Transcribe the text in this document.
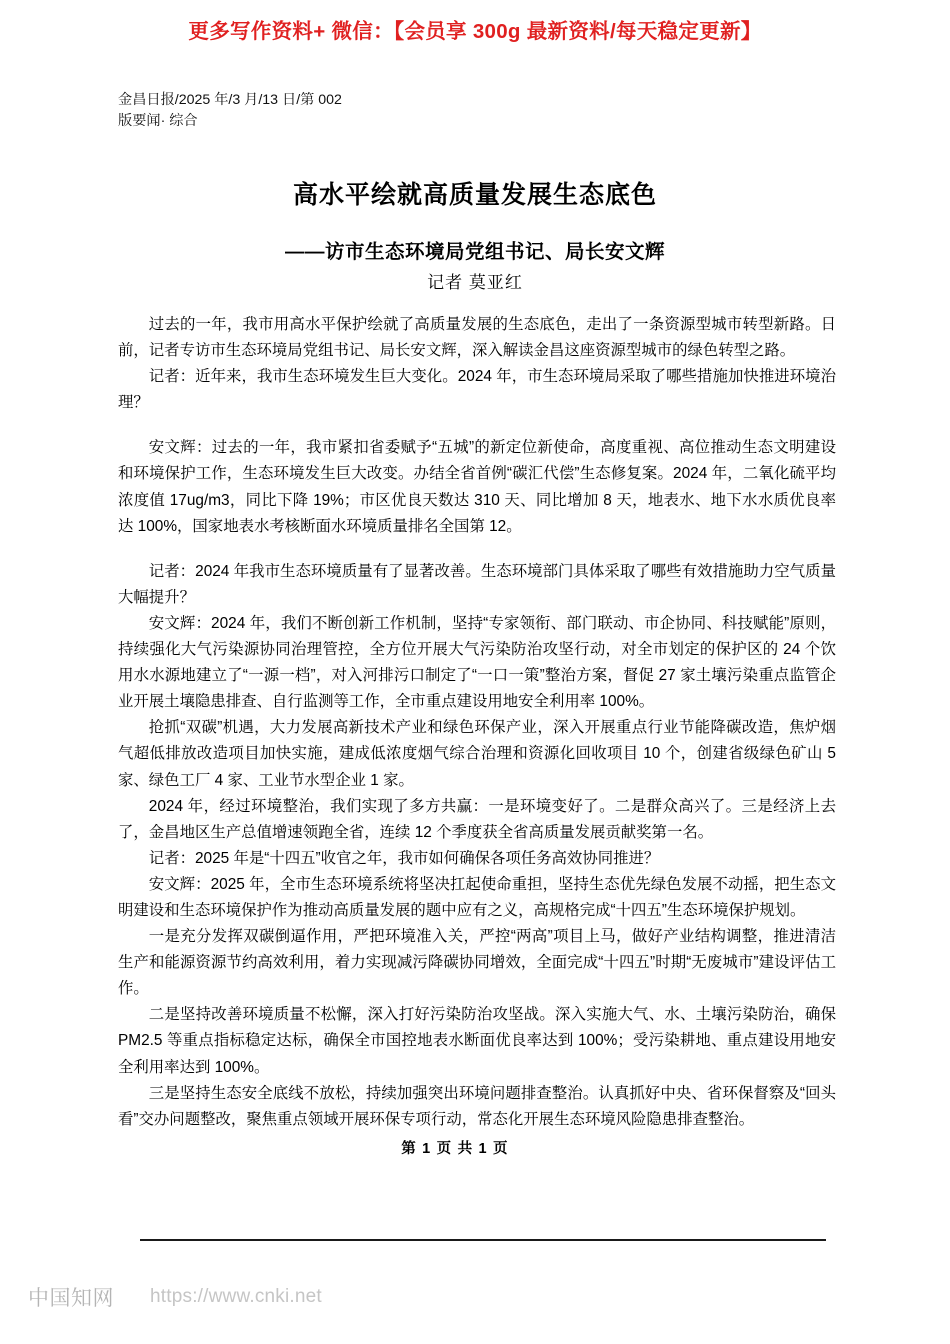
更多写作资料+ 微信：【会员享 300g 最新资料/每天稳定更新】
金昌日报/2025 年/3 月/13 日/第 002
版要闻· 综合
高水平绘就高质量发展生态底色
——访市生态环境局党组书记、局长安文辉
记者 莫亚红

过去的一年，我市用高水平保护绘就了高质量发展的生态底色，走出了一条资源型城市转型新路。日前，记者专访市生态环境局党组书记、局长安文辉，深入解读金昌这座资源型城市的绿色转型之路。

记者：近年来，我市生态环境发生巨大变化。2024 年，市生态环境局采取了哪些措施加快推进环境治理？

安文辉：过去的一年，我市紧扣省委赋予“五城”的新定位新使命，高度重视、高位推动生态文明建设和环境保护工作，生态环境发生巨大改变。办结全省首例“碳汇代偿”生态修复案。2024 年，二氧化硫平均浓度值 17ug/m3，同比下降 19%；市区优良天数达 310 天、同比增加 8 天，地表水、地下水水质优良率达 100%，国家地表水考核断面水环境质量排名全国第 12。

记者：2024 年我市生态环境质量有了显著改善。生态环境部门具体采取了哪些有效措施助力空气质量大幅提升？

安文辉：2024 年，我们不断创新工作机制，坚持“专家领衔、部门联动、市企协同、科技赋能”原则，持续强化大气污染源协同治理管控，全方位开展大气污染防治攻坚行动，对全市划定的保护区的 24 个饮用水水源地建立了“一源一档”，对入河排污口制定了“一口一策”整治方案，督促 27 家土壤污染重点监管企业开展土壤隐患排查、自行监测等工作，全市重点建设用地安全利用率 100%。

抢抓“双碳”机遇，大力发展高新技术产业和绿色环保产业，深入开展重点行业节能降碳改造，焦炉烟气超低排放改造项目加快实施，建成低浓度烟气综合治理和资源化回收项目 10 个，创建省级绿色矿山 5 家、绿色工厂 4 家、工业节水型企业 1 家。

2024 年，经过环境整治，我们实现了多方共赢：一是环境变好了。二是群众高兴了。三是经济上去了，金昌地区生产总值增速领跑全省，连续 12 个季度获全省高质量发展贡献奖第一名。

记者：2025 年是“十四五”收官之年，我市如何确保各项任务高效协同推进？

安文辉：2025 年，全市生态环境系统将坚决扛起使命重担，坚持生态优先绿色发展不动摇，把生态文明建设和生态环境保护作为推动高质量发展的题中应有之义，高规格完成“十四五”生态环境保护规划。

一是充分发挥双碳倒逼作用，严把环境准入关，严控“两高”项目上马，做好产业结构调整，推进清洁生产和能源资源节约高效利用，着力实现减污降碳协同增效，全面完成“十四五”时期“无废城市”建设评估工作。

二是坚持改善环境质量不松懈，深入打好污染防治攻坚战。深入实施大气、水、土壤污染防治，确保 PM2.5 等重点指标稳定达标，确保全市国控地表水断面优良率达到 100%；受污染耕地、重点建设用地安全利用率达到 100%。

三是坚持生态安全底线不放松，持续加强突出环境问题排查整治。认真抓好中央、省环保督察及“回头看”交办问题整改，聚焦重点领域开展环保专项行动，常态化开展生态环境风险隐患排查整治。

第 1 页 共 1 页
中国知网 https://www.cnki.net
